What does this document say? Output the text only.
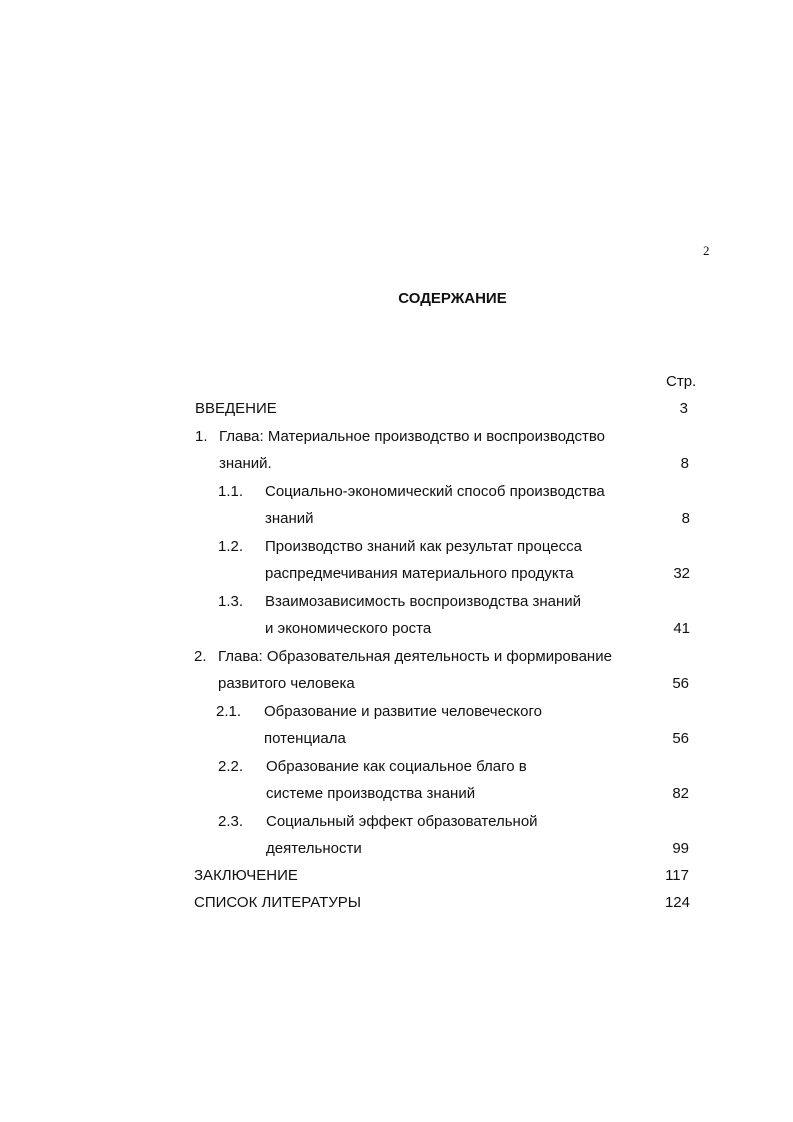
2
СОДЕРЖАНИЕ
Стр.
ВВЕДЕНИЕ	3
1. Глава: Материальное производство и воспроизводство
знаний.	8
1.1. Социально-экономический способ производства
знаний	8
1.2. Производство знаний как результат процесса
распредмечивания материального продукта	32
1.3. Взаимозависимость воспроизводства знаний
и экономического роста	41
2. Глава: Образовательная деятельность и формирование
развитого человека	56
2.1. Образование и развитие человеческого
потенциала	56
2.2. Образование как социальное благо в
системе производства знаний	82
2.3. Социальный эффект образовательной
деятельности	99
ЗАКЛЮЧЕНИЕ	117
СПИСОК ЛИТЕРАТУРЫ	124
